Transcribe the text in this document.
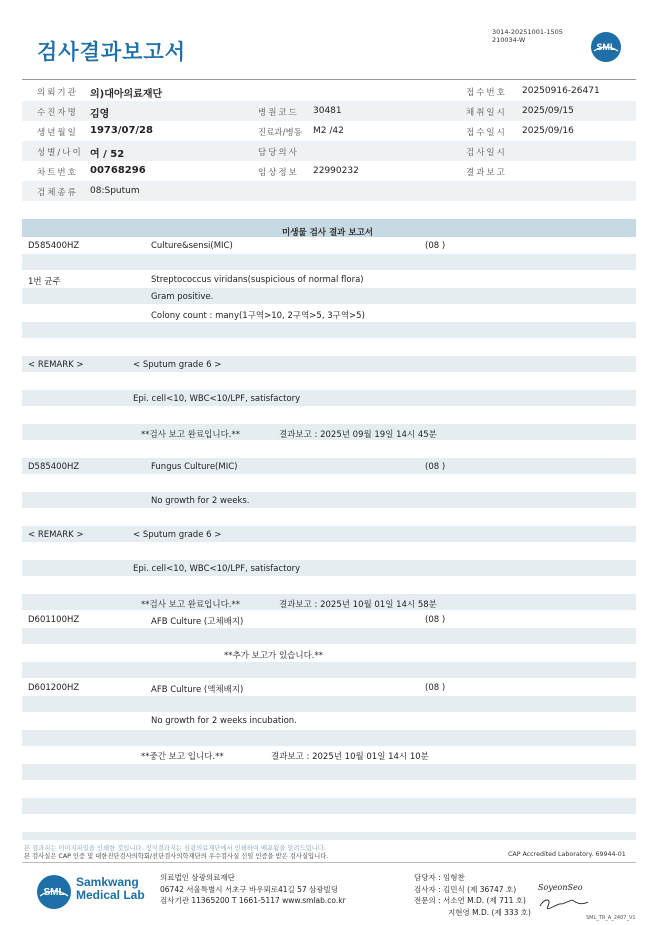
검사결과보고서
3014-20251001-1505
210034-W
SML
의뢰기관 의)대아의료재단	접수번호 20250916-26471
수진자명 김영	병원코드 30481	채취일시 2025/09/15
생년월일 1973/07/28	진료과/병동 M2 /42	접수일시 2025/09/16
성별/나이 여 / 52	담당의사	검사일시
차트번호 00768296	임상정보 22990232	결과보고
검체종류 08:Sputum
미생물 검사 결과 보고서
D585400HZ	Culture&sensi(MIC)	(08 )
1번 균주	Streptococcus viridans(suspicious of normal flora)
Gram positive.
Colony count : many(1구역>10, 2구역>5, 3구역>5)
< REMARK >	< Sputum grade 6 >
Epi. cell<10, WBC<10/LPF, satisfactory
**검사 보고 완료입니다.**	결과보고 : 2025년 09월 19일 14시 45분
D585400HZ	Fungus Culture(MIC)	(08 )
No growth for 2 weeks.
< REMARK >	< Sputum grade 6 >
Epi. cell<10, WBC<10/LPF, satisfactory
**검사 보고 완료입니다.**	결과보고 : 2025년 10월 01일 14시 58분
D601100HZ	AFB Culture (고체배지)	(08 )
**추가 보고가 있습니다.**
D601200HZ	AFB Culture (액체배지)	(08 )
No growth for 2 weeks incubation.
**중간 보고 입니다.**	결과보고 : 2025년 10월 01일 14시 10분
본 결과지는 이미지파일을 인쇄한 것입니다. 정식결과지는 삼광의료재단에서 인쇄하여 배포됨을 알려드립니다.
본 검사실은 CAP 인증 및 대한진단검사의학회/진단검사의학재단의 우수검사실 신임 인증을 받은 검사실입니다.	CAP Accredited Laboratory. 69944-01
SML
Samkwang
Medical Lab
의료법인 삼광의료재단
06742 서울특별시 서초구 바우뫼로41길 57 삼광빌딩
검사기관 11365200 T 1661-5117 www.smlab.co.kr
담당자 : 임형찬
검사자 : 김민식 (제 36747 호)
전문의 : 서소연 M.D. (제 711 호)
지현영 M.D. (제 333 호)
SoyeonSeo
SML_TR_A_2407_V1
